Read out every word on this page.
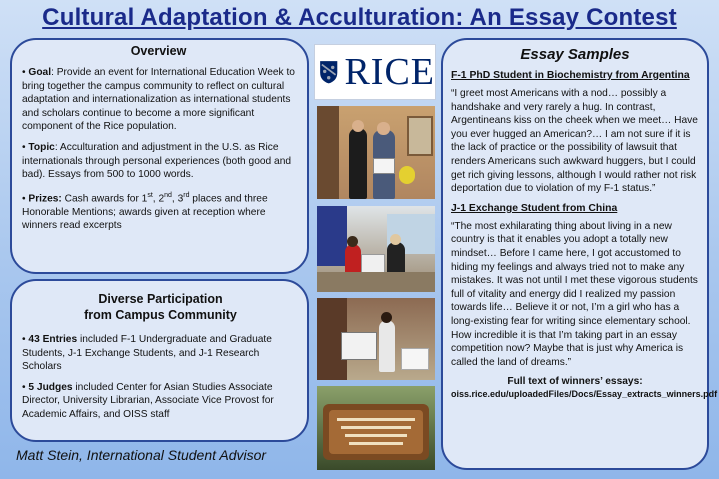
Cultural Adaptation & Acculturation: An Essay Contest
Overview

• Goal: Provide an event for International Education Week to bring together the campus community to reflect on cultural adaptation and internationalization as international students and scholars continue to become a more significant component of the Rice population.

• Topic: Acculturation and adjustment in the U.S. as Rice internationals through personal experiences (both good and bad). Essays from 500 to 1000 words.

• Prizes: Cash awards for 1st, 2nd, 3rd places and three Honorable Mentions; awards given at reception where winners read excerpts

Diverse Participation
from Campus Community

• 43 Entries included F-1 Undergraduate and Graduate Students, J-1 Exchange Students, and J-1 Research Scholars

• 5 Judges included Center for Asian Studies Associate Director, University Librarian, Associate Vice Provost for Academic Affairs, and OISS staff

Matt Stein, International Student Advisor
RICE	Essay Samples
F-1 PhD Student in Biochemistry from Argentina

“I greet most Americans with a nod… possibly a handshake and very rarely a hug. In contrast, Argentineans kiss on the cheek when we meet… Have you ever hugged an American?… I am not sure if it is the lack of practice or the possibility of lawsuit that renders Americans such awkward huggers, but I could get rich giving lessons, although I would rather not risk deportation due to violation of my F-1 status.”

J-1 Exchange Student from China

“The most exhilarating thing about living in a new country is that it enables you adopt a totally new mindset… Before I came here, I got accustomed to hiding my feelings and always tried not to make any mistakes. It was not until I met these vigorous students full of vitality and energy did I realized my passion towards life… Believe it or not, I’m a girl who has a long-existing fear for writing since elementary school. How incredible it is that I’m taking part in an essay competition now? Maybe that is just why America is called the land of dreams.”

Full text of winners’ essays:
oiss.rice.edu/uploadedFiles/Docs/Essay_extracts_winners.pdf
